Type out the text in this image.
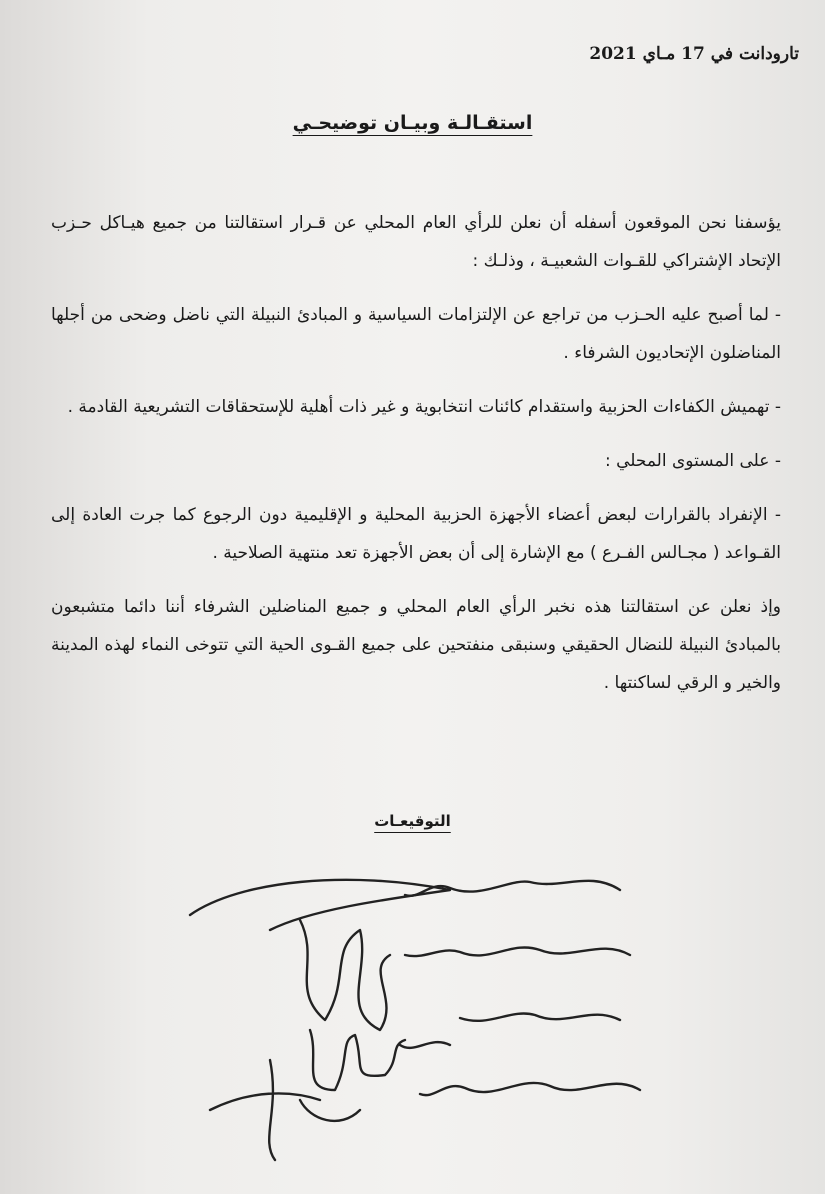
تارودانت في 17 مـاي 2021
استقـالـة وبيـان توضيحـي

يؤسفنا نحن الموقعون أسفله أن نعلن للرأي العام المحلي عن قـرار استقالتنا من جميع هيـاكل حـزب الإتحاد الإشتراكي للقـوات الشعبيـة ، وذلـك :

- لما أصبح عليه الحـزب من تراجع عن الإلتزامات السياسية و المبادئ النبيلة التي ناضل وضحى من أجلها المناضلون الإتحاديون الشرفاء .

- تهميش الكفاءات الحزبية واستقدام كائنات انتخابوية و غير ذات أهلية للإستحقاقات التشريعية القادمة .

- على المستوى المحلي :

- الإنفراد بالقرارات لبعض أعضاء الأجهزة الحزبية المحلية و الإقليمية دون الرجوع كما جرت العادة إلى القـواعد ( مجـالس الفـرع ) مع الإشارة إلى أن بعض الأجهزة تعد منتهية الصلاحية .

وإذ نعلن عن استقالتنا هذه نخبر الرأي العام المحلي و جميع المناضلين الشرفاء أننا دائما متشبعون بالمبادئ النبيلة للنضال الحقيقي وسنبقى منفتحين على جميع القـوى الحية التي تتوخى النماء لهذه المدينة والخير و الرقي لساكنتها .

التوقيعـات
